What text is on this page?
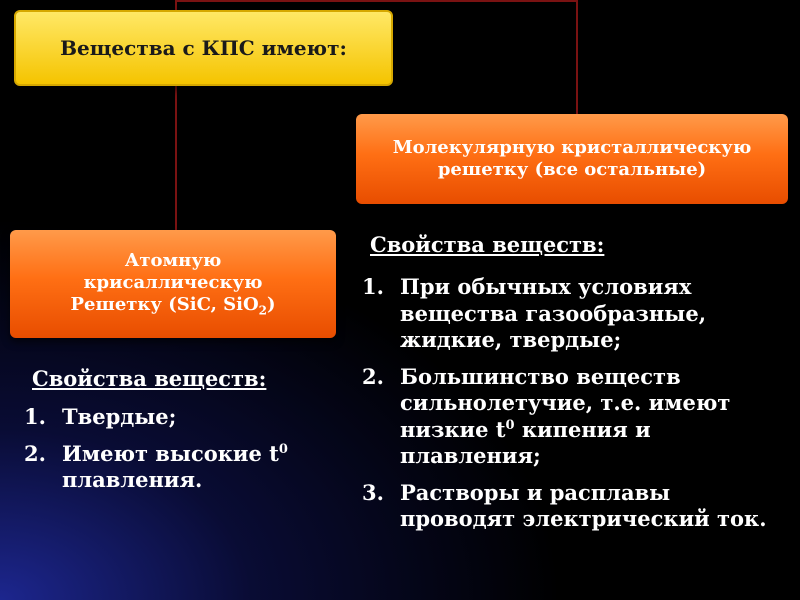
Вещества с КПС имеют:
Молекулярную кристаллическую
решетку (все остальные)
Атомную
крисаллическую
Решетку (SiC, SiO$_2$)
Свойства веществ:
1. Твердые;
2. Имеют высокие $t^0$
плавления.
Свойства веществ:
1. При обычных условиях
вещества газообразные,
жидкие, твердые;
2. Большинство веществ
сильнолетучие, т.е. имеют
низкие $t^0$ кипения и
плавления;
3. Растворы и расплавы
проводят электрический ток.
